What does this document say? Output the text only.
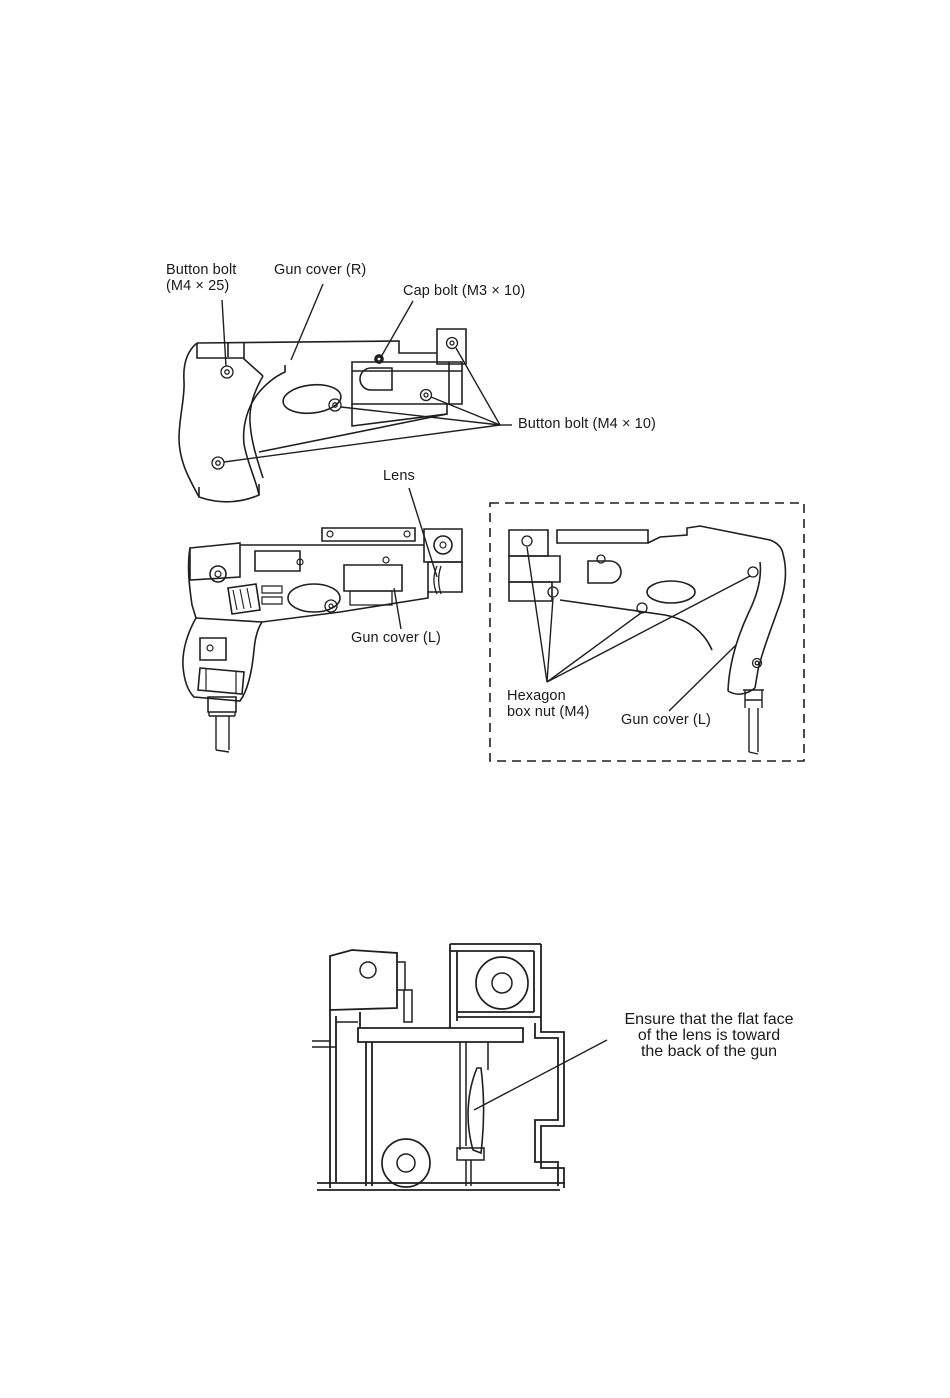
Button bolt
(M4 × 25)
Gun cover (R)
Cap bolt (M3 × 10)
Button bolt (M4 × 10)
Lens
Gun cover (L)
Hexagon
box nut (M4) Gun cover (L)
Ensure that the flat face
of the lens is toward
the back of the gun
